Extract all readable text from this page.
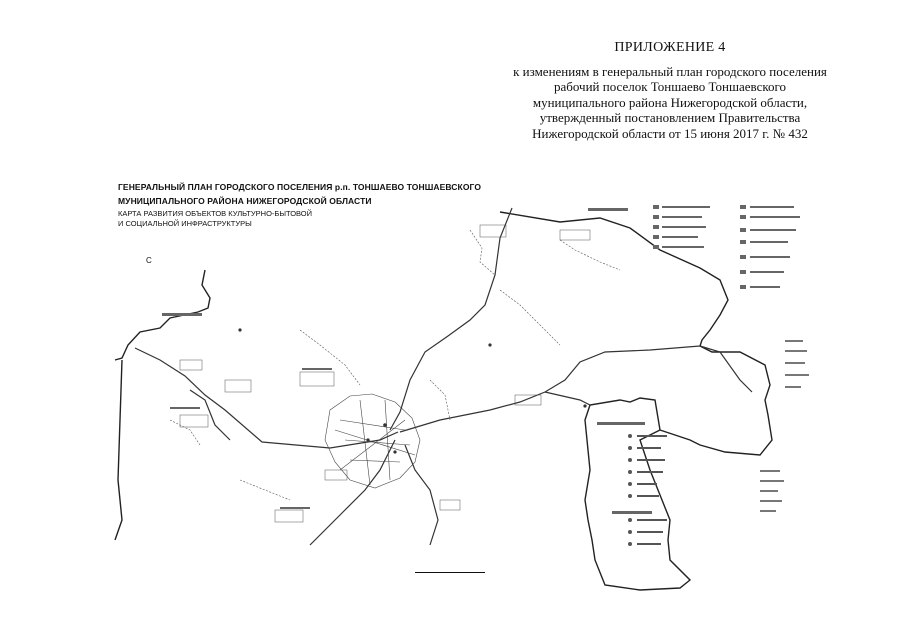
ПРИЛОЖЕНИЕ 4
к изменениям в генеральный план городского поселения
рабочий поселок Тоншаево Тоншаевского
муниципального района Нижегородской области,
утвержденный постановлением Правительства
Нижегородской области от 15 июня 2017 г. № 432
ГЕНЕРАЛЬНЫЙ ПЛАН ГОРОДСКОГО ПОСЕЛЕНИЯ р.п. ТОНШАЕВО ТОНШАЕВСКОГО
МУНИЦИПАЛЬНОГО РАЙОНА НИЖЕГОРОДСКОЙ ОБЛАСТИ
КАРТА РАЗВИТИЯ ОБЪЕКТОВ КУЛЬТУРНО-БЫТОВОЙ
И СОЦИАЛЬНОЙ ИНФРАСТРУКТУРЫ
С
